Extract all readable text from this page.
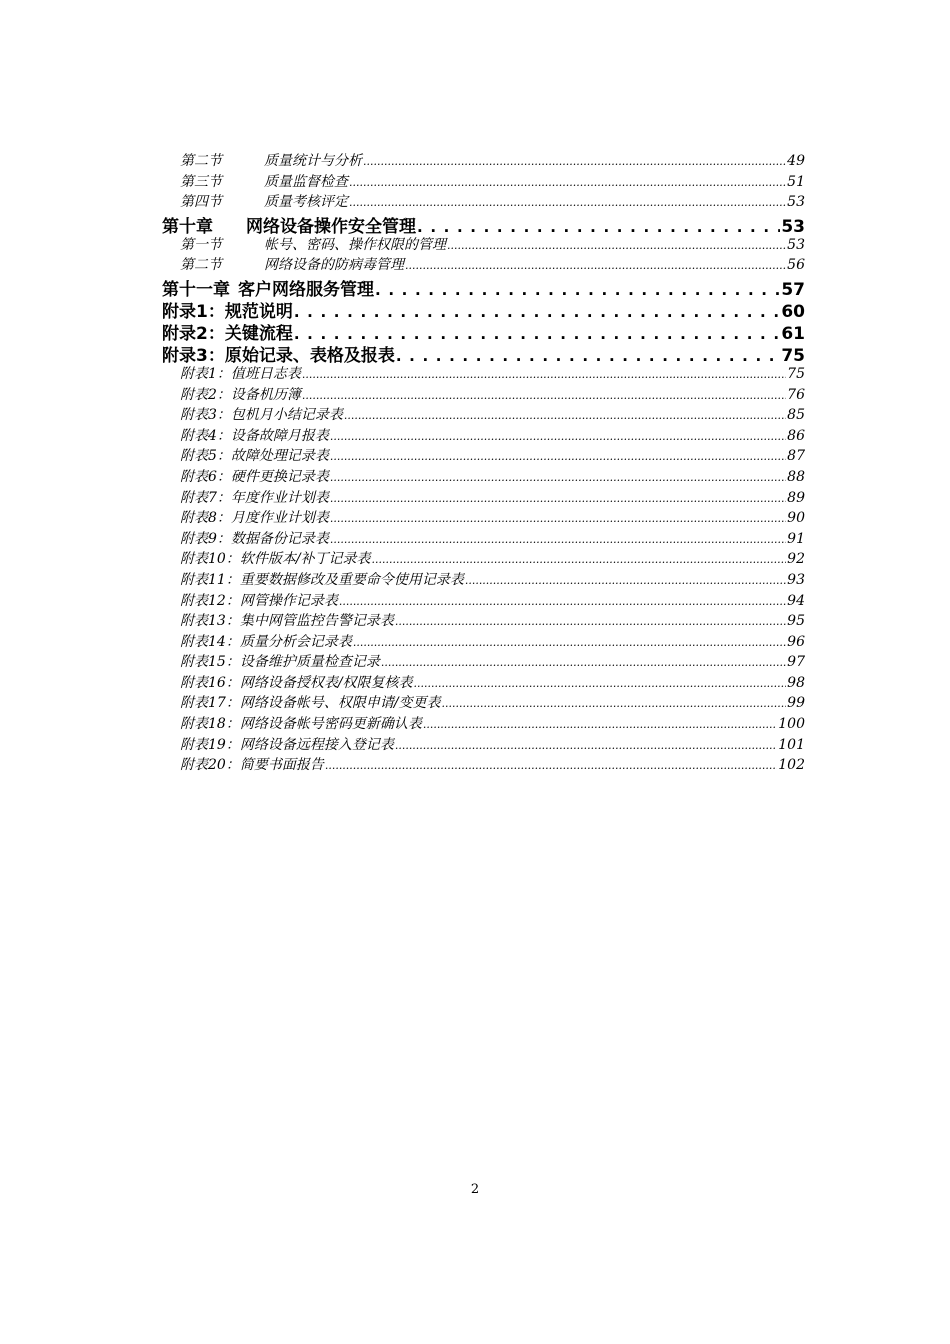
第二节	质量统计与分析 .....	49
第三节	质量监督检查 .....	51
第四节	质量考核评定 .....	53
第十章	网络设备操作安全管理 . . .	53
第一节	帐号、密码、操作权限的管理 .....	53
第二节	网络设备的防病毒管理 .....	56
第十一章 客户网络服务管理 . . .	57
附录1：规范说明 . . .	60
附录2：关键流程 . . .	61
附录3：原始记录、表格及报表 . . .	75
附表1：值班日志表 .....	75
附表2：设备机历簿 .....	76
附表3：包机月小结记录表 .....	85
附表4：设备故障月报表 .....	86
附表5：故障处理记录表 .....	87
附表6：硬件更换记录表 .....	88
附表7：年度作业计划表 .....	89
附表8：月度作业计划表 .....	90
附表9：数据备份记录表 .....	91
附表10：软件版本/补丁记录表 .....	92
附表11：重要数据修改及重要命令使用记录表 .....	93
附表12：网管操作记录表 .....	94
附表13：集中网管监控告警记录表 .....	95
附表14：质量分析会记录表 .....	96
附表15：设备维护质量检查记录 .....	97
附表16：网络设备授权表/权限复核表 .....	98
附表17：网络设备帐号、权限申请/变更表 .....	99
附表18：网络设备帐号密码更新确认表 .....	100
附表19：网络设备远程接入登记表 .....	101
附表20：简要书面报告 .....	102
2
